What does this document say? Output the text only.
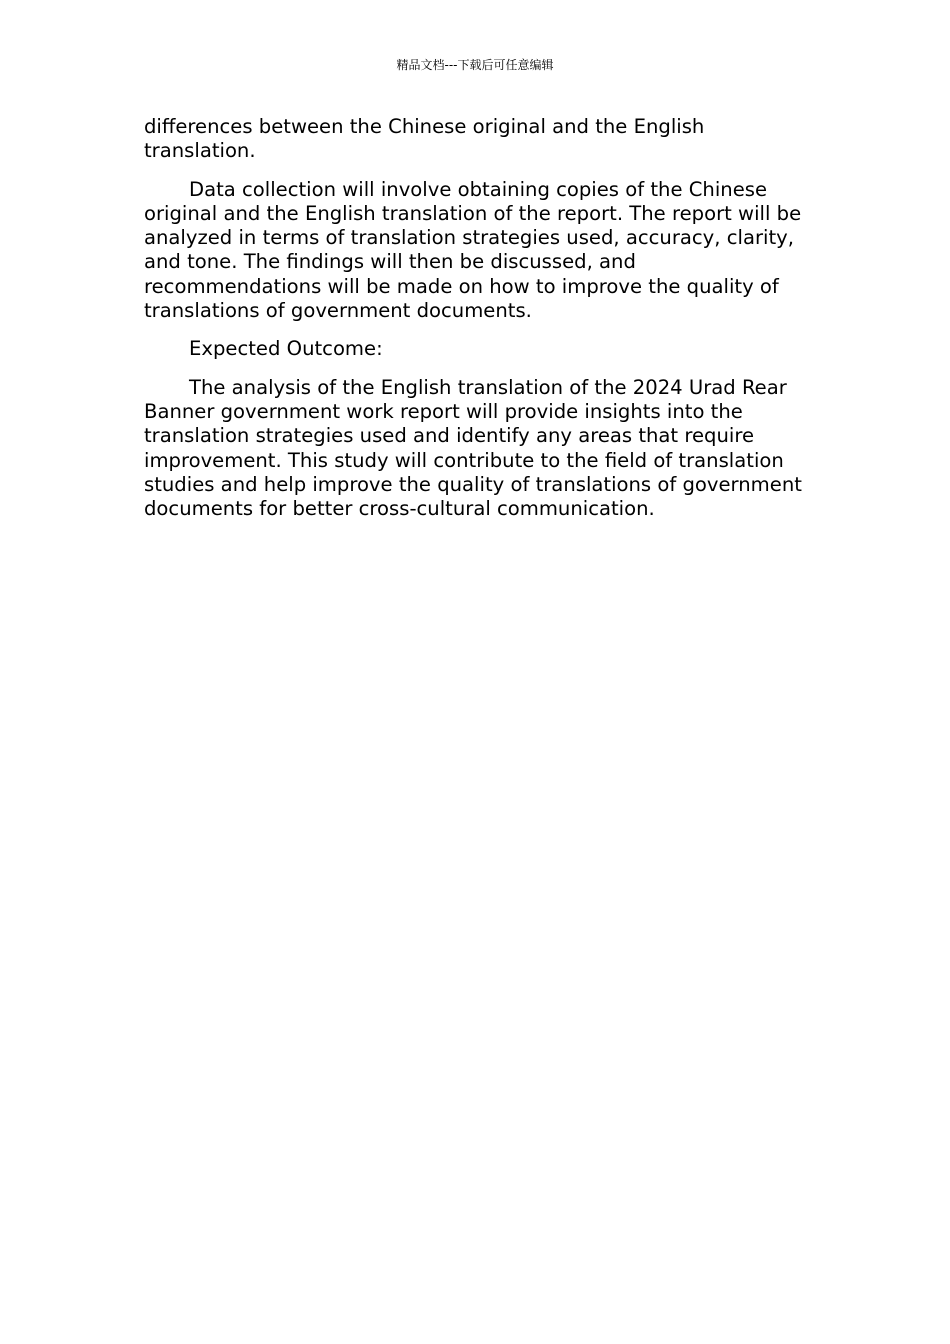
精品文档---下载后可任意编辑

differences between the Chinese original and the English translation.

Data collection will involve obtaining copies of the Chinese original and the English translation of the report. The report will be analyzed in terms of translation strategies used, accuracy, clarity, and tone. The findings will then be discussed, and recommendations will be made on how to improve the quality of translations of government documents.

Expected Outcome:

The analysis of the English translation of the 2024 Urad Rear Banner government work report will provide insights into the translation strategies used and identify any areas that require improvement. This study will contribute to the field of translation studies and help improve the quality of translations of government documents for better cross-cultural communication.
